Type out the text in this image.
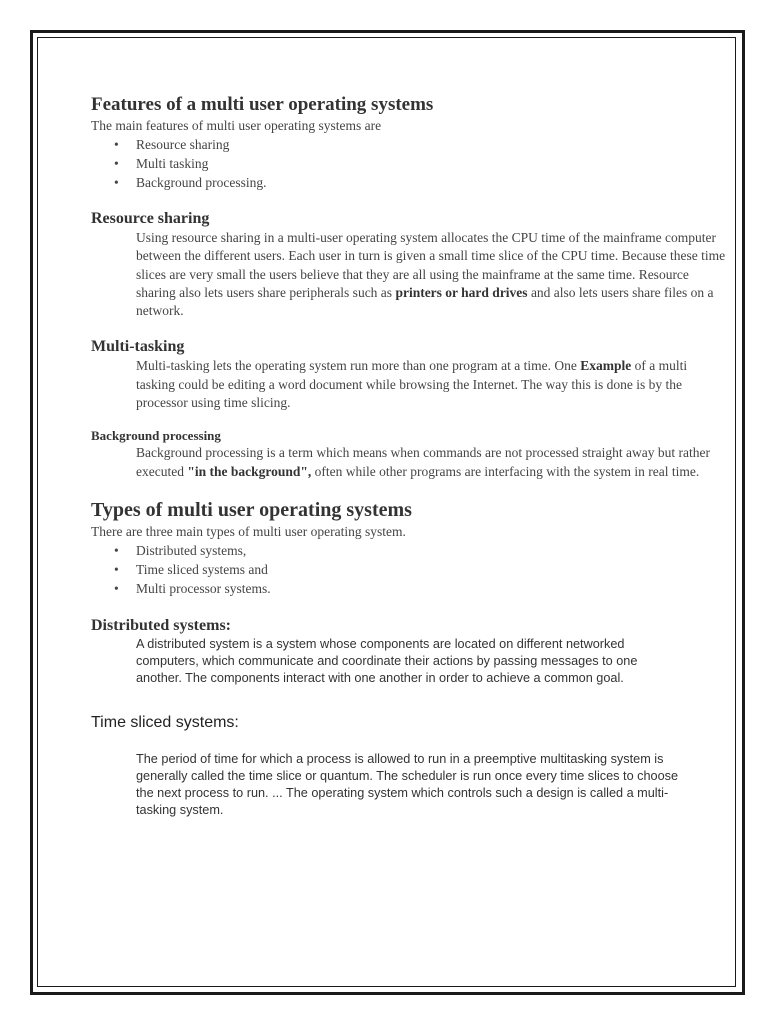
Features of a multi user operating systems

The main features of multi user operating systems are

• Resource sharing
• Multi tasking
• Background processing.
Resource sharing

Using resource sharing in a multi-user operating system allocates the CPU time of the mainframe computer between the different users. Each user in turn is given a small time slice of the CPU time. Because these time slices are very small the users believe that they are all using the mainframe at the same time. Resource sharing also lets users share peripherals such as printers or hard drives and also lets users share files on a network.

Multi-tasking

Multi-tasking lets the operating system run more than one program at a time. One Example of a multi tasking could be editing a word document while browsing the Internet. The way this is done is by the processor using time slicing.

Background processing

Background processing is a term which means when commands are not processed straight away but rather executed "in the background", often while other programs are interfacing with the system in real time.

Types of multi user operating systems

There are three main types of multi user operating system.

• Distributed systems,
• Time sliced systems and
• Multi processor systems.
Distributed systems:

A distributed system is a system whose components are located on different networked computers, which communicate and coordinate their actions by passing messages to one another. The components interact with one another in order to achieve a common goal.

Time sliced systems:

The period of time for which a process is allowed to run in a preemptive multitasking system is generally called the time slice or quantum. The scheduler is run once every time slices to choose the next process to run. ... The operating system which controls such a design is called a multi-tasking system.
